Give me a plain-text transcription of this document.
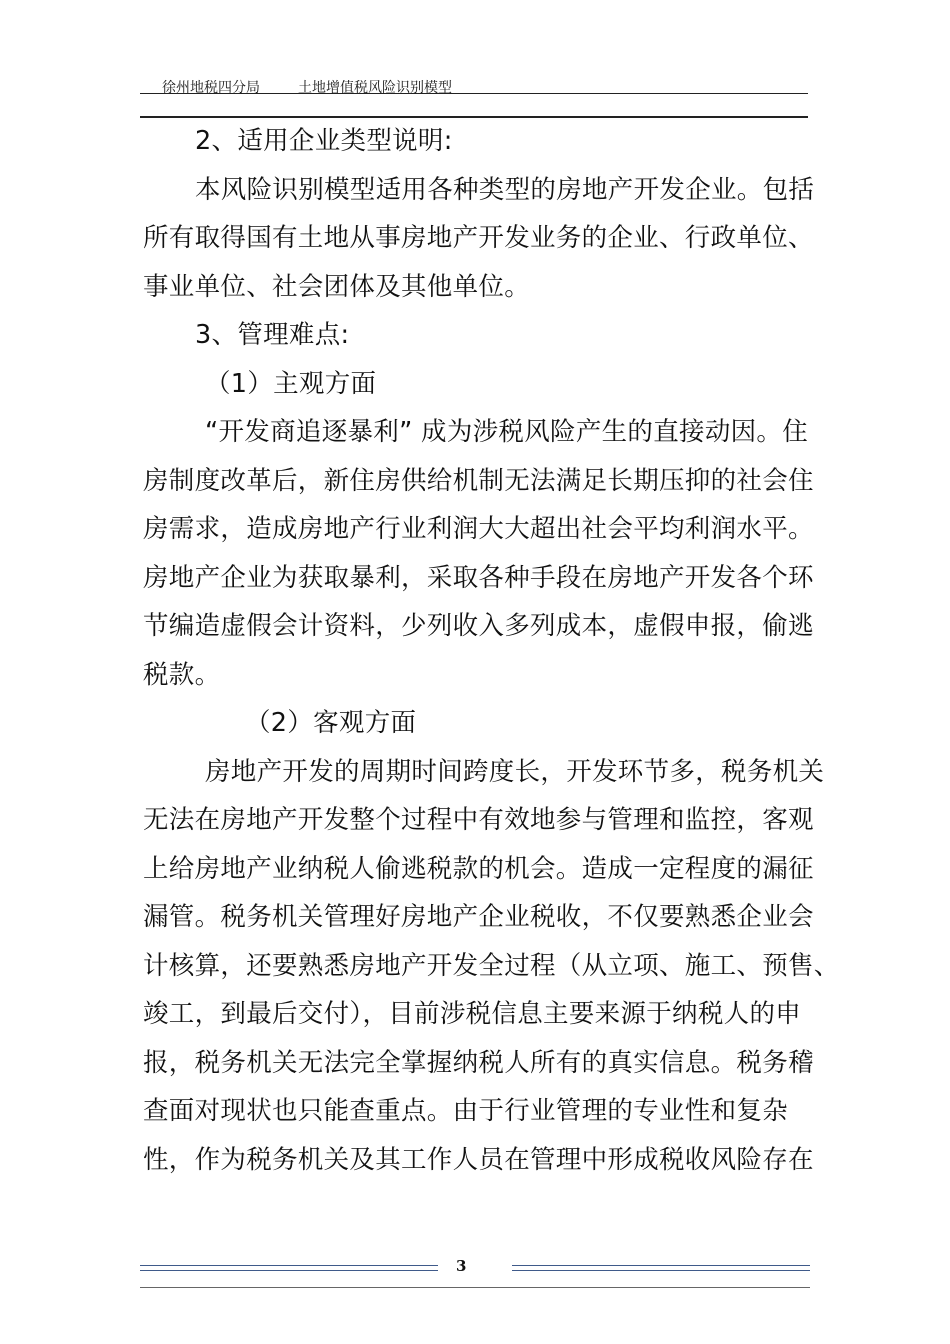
徐州地税四分局	土地增值税风险识别模型

2、适用企业类型说明:

本风险识别模型适用各种类型的房地产开发企业。包括
所有取得国有土地从事房地产开发业务的企业、行政单位、
事业单位、社会团体及其他单位。

3、管理难点:

（1）主观方面

“开发商追逐暴利” 成为涉税风险产生的直接动因。住
房制度改革后，新住房供给机制无法满足长期压抑的社会住
房需求，造成房地产行业利润大大超出社会平均利润水平。
房地产企业为获取暴利，采取各种手段在房地产开发各个环
节编造虚假会计资料，少列收入多列成本，虚假申报，偷逃
税款。

（2）客观方面

房地产开发的周期时间跨度长，开发环节多，税务机关
无法在房地产开发整个过程中有效地参与管理和监控，客观
上给房地产业纳税人偷逃税款的机会。造成一定程度的漏征
漏管。税务机关管理好房地产企业税收，不仅要熟悉企业会
计核算，还要熟悉房地产开发全过程（从立项、施工、预售、
竣工，到最后交付），目前涉税信息主要来源于纳税人的申
报，税务机关无法完全掌握纳税人所有的真实信息。税务稽
查面对现状也只能查重点。由于行业管理的专业性和复杂
性，作为税务机关及其工作人员在管理中形成税收风险存在

3
